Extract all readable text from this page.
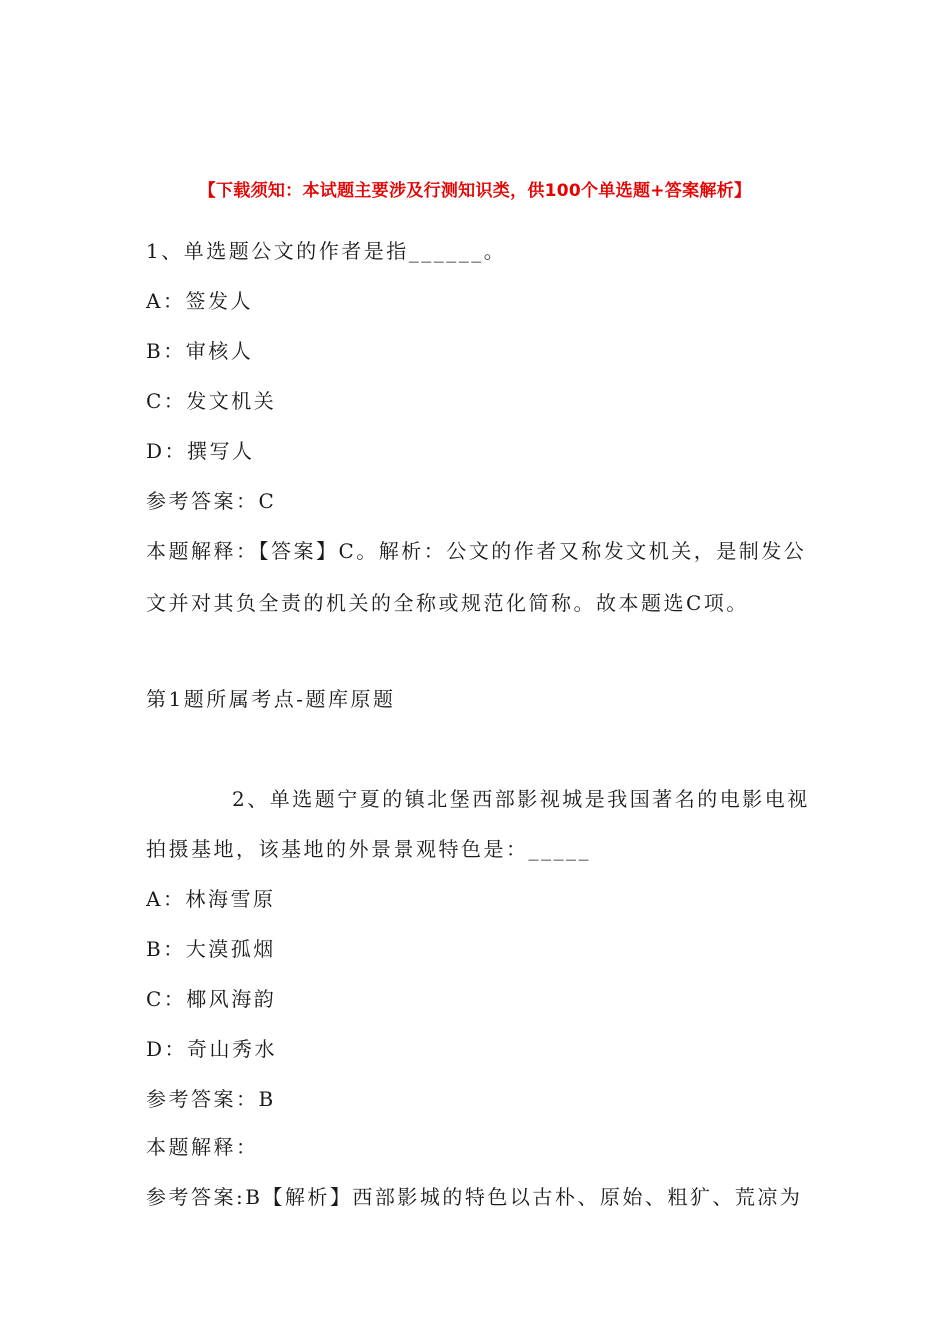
【下载须知：本试题主要涉及行测知识类，供100个单选题+答案解析】
1、单选题公文的作者是指______。
A：签发人
B：审核人
C：发文机关
D：撰写人
参考答案：C
本题解释：【答案】C。解析：公文的作者又称发文机关，是制发公
文并对其负全责的机关的全称或规范化简称。故本题选C项。
第1题所属考点-题库原题
2、单选题宁夏的镇北堡西部影视城是我国著名的电影电视
拍摄基地，该基地的外景景观特色是：_____
A：林海雪原
B：大漠孤烟
C：椰风海韵
D：奇山秀水
参考答案：B
本题解释：
参考答案:B【解析】西部影城的特色以古朴、原始、粗犷、荒凉为
